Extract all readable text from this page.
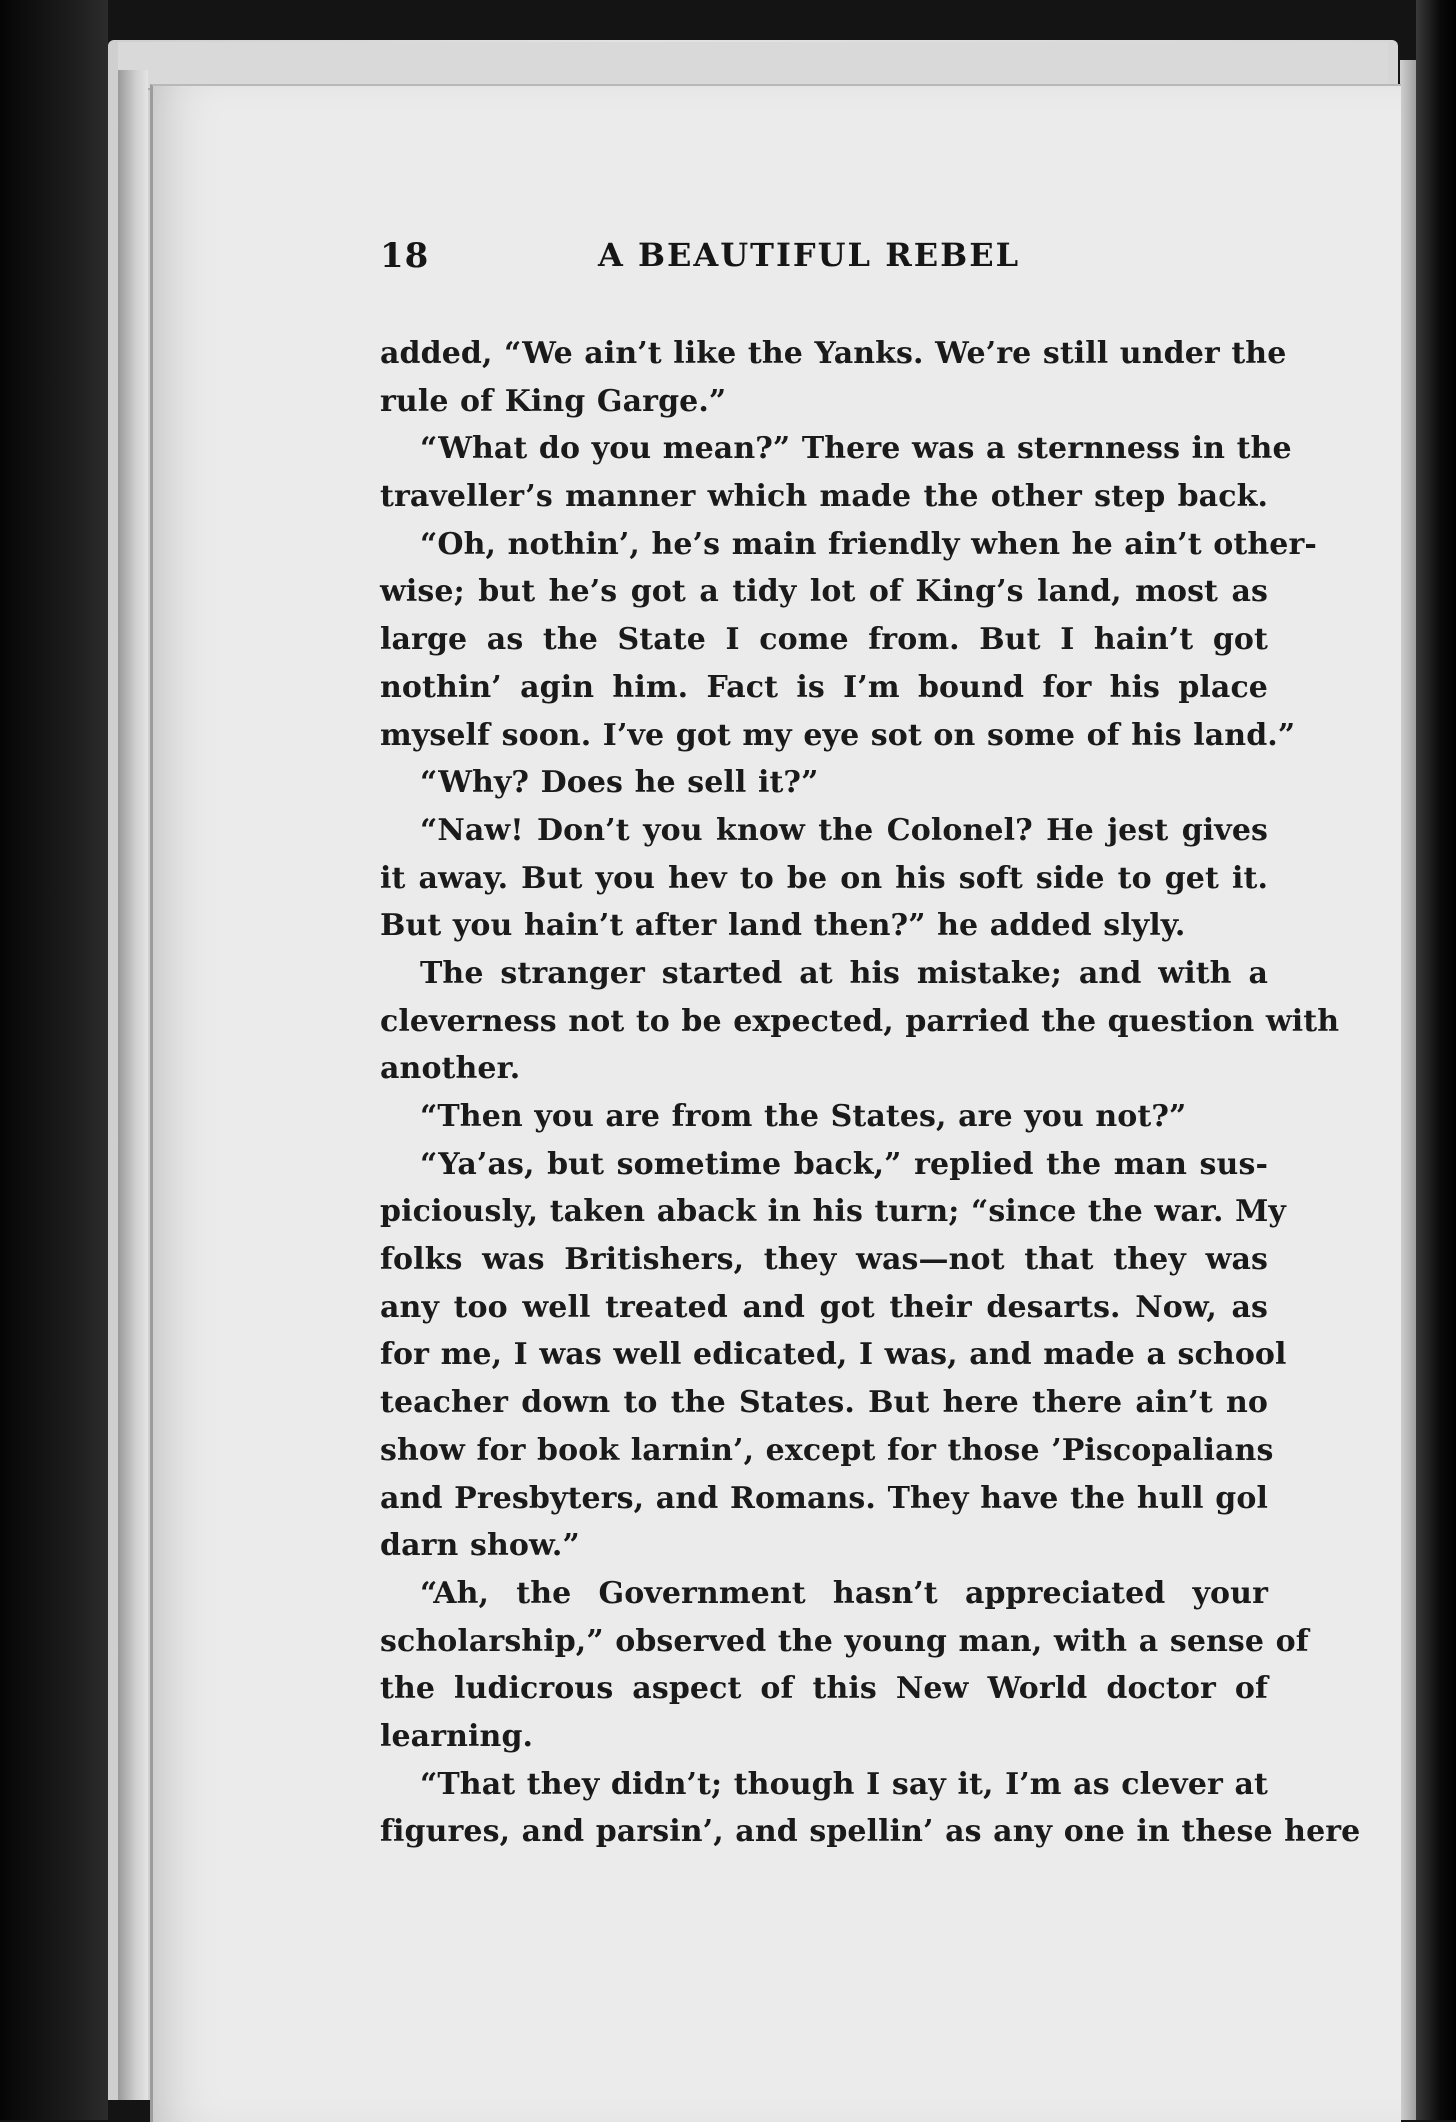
18	A BEAUTIFUL REBEL
added, “We ain’t like the Yanks. We’re still under the
rule of King Garge.”
“What do you mean?” There was a sternness in the
traveller’s manner which made the other step back.
“Oh, nothin’, he’s main friendly when he ain’t other-
wise; but he’s got a tidy lot of King’s land, most as
large as the State I come from. But I hain’t got
nothin’ agin him. Fact is I’m bound for his place
myself soon. I’ve got my eye sot on some of his land.”
“Why? Does he sell it?”
“Naw! Don’t you know the Colonel? He jest gives
it away. But you hev to be on his soft side to get it.
But you hain’t after land then?” he added slyly.
The stranger started at his mistake; and with a
cleverness not to be expected, parried the question with
another.
“Then you are from the States, are you not?”
“Ya’as, but sometime back,” replied the man sus-
piciously, taken aback in his turn; “since the war. My
folks was Britishers, they was—not that they was
any too well treated and got their desarts. Now, as
for me, I was well edicated, I was, and made a school
teacher down to the States. But here there ain’t no
show for book larnin’, except for those ’Piscopalians
and Presbyters, and Romans. They have the hull gol
darn show.”
“Ah, the Government hasn’t appreciated your
scholarship,” observed the young man, with a sense of
the ludicrous aspect of this New World doctor of
learning.
“That they didn’t; though I say it, I’m as clever at
figures, and parsin’, and spellin’ as any one in these here
